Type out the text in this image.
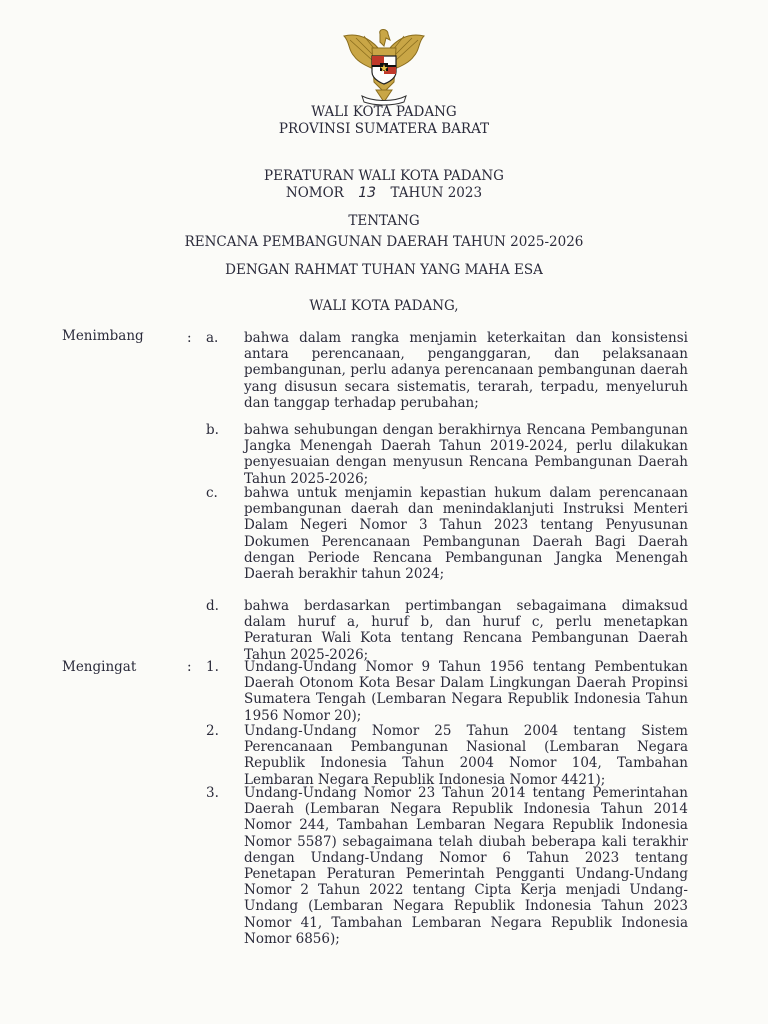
WALI KOTA PADANG
PROVINSI SUMATERA BARAT
PERATURAN WALI KOTA PADANG
NOMOR 13 TAHUN 2023
TENTANG
RENCANA PEMBANGUNAN DAERAH TAHUN 2025-2026
DENGAN RAHMAT TUHAN YANG MAHA ESA
WALI KOTA PADANG,
Menimbang	: a. bahwa dalam rangka menjamin keterkaitan dan konsistensi antara perencanaan, penganggaran, dan pelaksanaan pembangunan, perlu adanya perencanaan pembangunan daerah yang disusun secara sistematis, terarah, terpadu, menyeluruh dan tanggap terhadap perubahan;
b. bahwa sehubungan dengan berakhirnya Rencana Pembangunan Jangka Menengah Daerah Tahun 2019-2024, perlu dilakukan penyesuaian dengan menyusun Rencana Pembangunan Daerah Tahun 2025-2026;
c. bahwa untuk menjamin kepastian hukum dalam perencanaan pembangunan daerah dan menindaklanjuti Instruksi Menteri Dalam Negeri Nomor 3 Tahun 2023 tentang Penyusunan Dokumen Perencanaan Pembangunan Daerah Bagi Daerah dengan Periode Rencana Pembangunan Jangka Menengah Daerah berakhir tahun 2024;
d. bahwa berdasarkan pertimbangan sebagaimana dimaksud dalam huruf a, huruf b, dan huruf c, perlu menetapkan Peraturan Wali Kota tentang Rencana Pembangunan Daerah Tahun 2025-2026;
Mengingat	: 1. Undang-Undang Nomor 9 Tahun 1956 tentang Pembentukan Daerah Otonom Kota Besar Dalam Lingkungan Daerah Propinsi Sumatera Tengah (Lembaran Negara Republik Indonesia Tahun 1956 Nomor 20);
2. Undang-Undang Nomor 25 Tahun 2004 tentang Sistem Perencanaan Pembangunan Nasional (Lembaran Negara Republik Indonesia Tahun 2004 Nomor 104, Tambahan Lembaran Negara Republik Indonesia Nomor 4421);
3. Undang-Undang Nomor 23 Tahun 2014 tentang Pemerintahan Daerah (Lembaran Negara Republik Indonesia Tahun 2014 Nomor 244, Tambahan Lembaran Negara Republik Indonesia Nomor 5587) sebagaimana telah diubah beberapa kali terakhir dengan Undang-Undang Nomor 6 Tahun 2023 tentang Penetapan Peraturan Pemerintah Pengganti Undang-Undang Nomor 2 Tahun 2022 tentang Cipta Kerja menjadi Undang-Undang (Lembaran Negara Republik Indonesia Tahun 2023 Nomor 41, Tambahan Lembaran Negara Republik Indonesia Nomor 6856);
